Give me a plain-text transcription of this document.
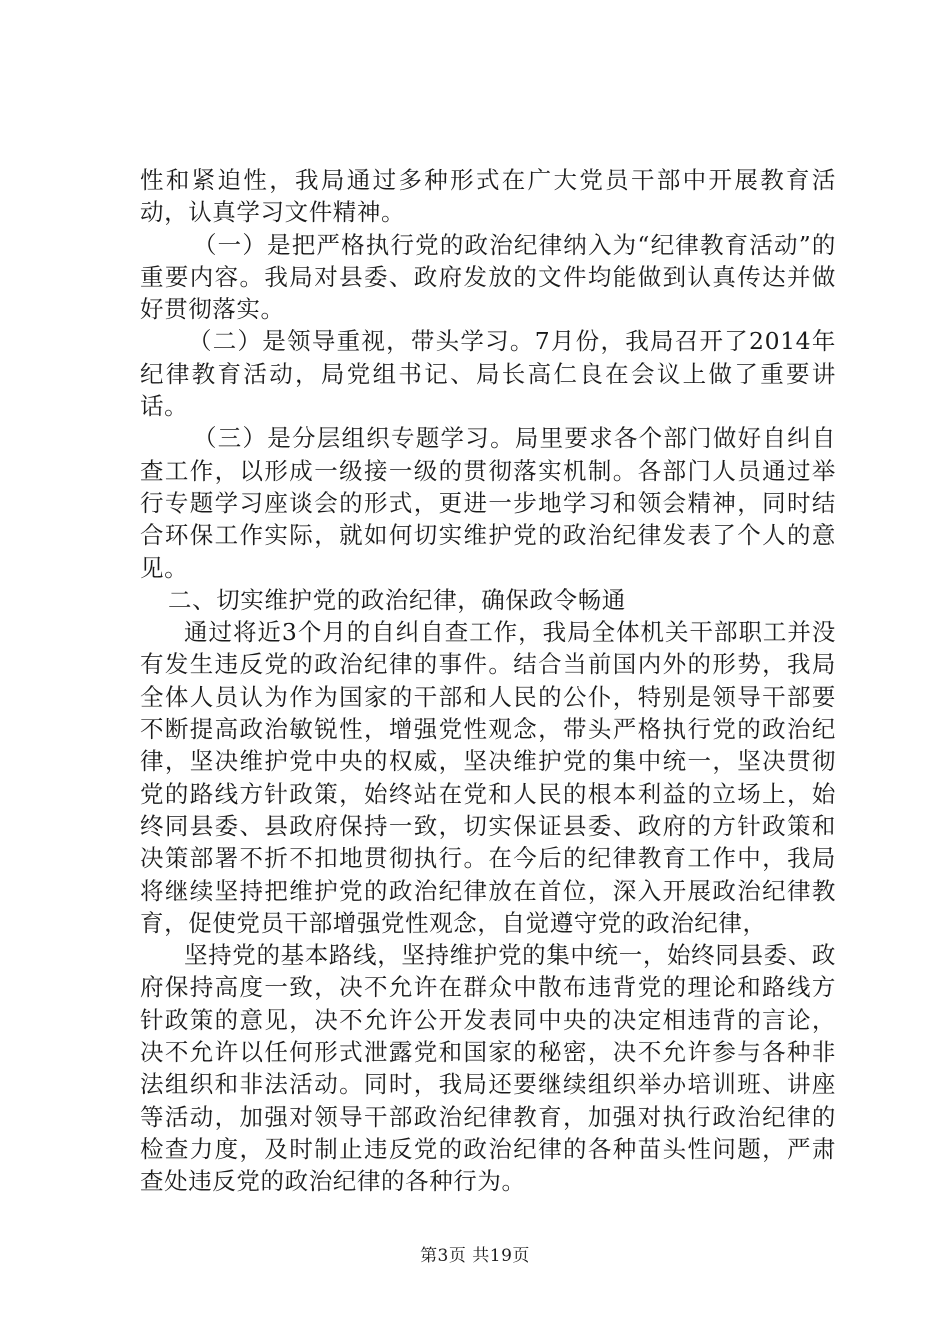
性和紧迫性，我局通过多种形式在广大党员干部中开展教育活动，认真学习文件精神。

（一）是把严格执行党的政治纪律纳入为“纪律教育活动”的重要内容。我局对县委、政府发放的文件均能做到认真传达并做好贯彻落实。

（二）是领导重视，带头学习。7月份，我局召开了2014年纪律教育活动，局党组书记、局长高仁良在会议上做了重要讲话。

（三）是分层组织专题学习。局里要求各个部门做好自纠自查工作，以形成一级接一级的贯彻落实机制。各部门人员通过举行专题学习座谈会的形式，更进一步地学习和领会精神，同时结合环保工作实际，就如何切实维护党的政治纪律发表了个人的意见。

二、切实维护党的政治纪律，确保政令畅通

通过将近3个月的自纠自查工作，我局全体机关干部职工并没有发生违反党的政治纪律的事件。结合当前国内外的形势，我局全体人员认为作为国家的干部和人民的公仆，特别是领导干部要不断提高政治敏锐性，增强党性观念，带头严格执行党的政治纪律，坚决维护党中央的权威，坚决维护党的集中统一，坚决贯彻党的路线方针政策，始终站在党和人民的根本利益的立场上，始终同县委、县政府保持一致，切实保证县委、政府的方针政策和决策部署不折不扣地贯彻执行。在今后的纪律教育工作中，我局将继续坚持把维护党的政治纪律放在首位，深入开展政治纪律教育，促使党员干部增强党性观念，自觉遵守党的政治纪律，

坚持党的基本路线，坚持维护党的集中统一，始终同县委、政府保持高度一致，决不允许在群众中散布违背党的理论和路线方针政策的意见，决不允许公开发表同中央的决定相违背的言论，决不允许以任何形式泄露党和国家的秘密，决不允许参与各种非法组织和非法活动。同时，我局还要继续组织举办培训班、讲座等活动，加强对领导干部政治纪律教育，加强对执行政治纪律的检查力度，及时制止违反党的政治纪律的各种苗头性问题，严肃查处违反党的政治纪律的各种行为。

第3页 共19页
